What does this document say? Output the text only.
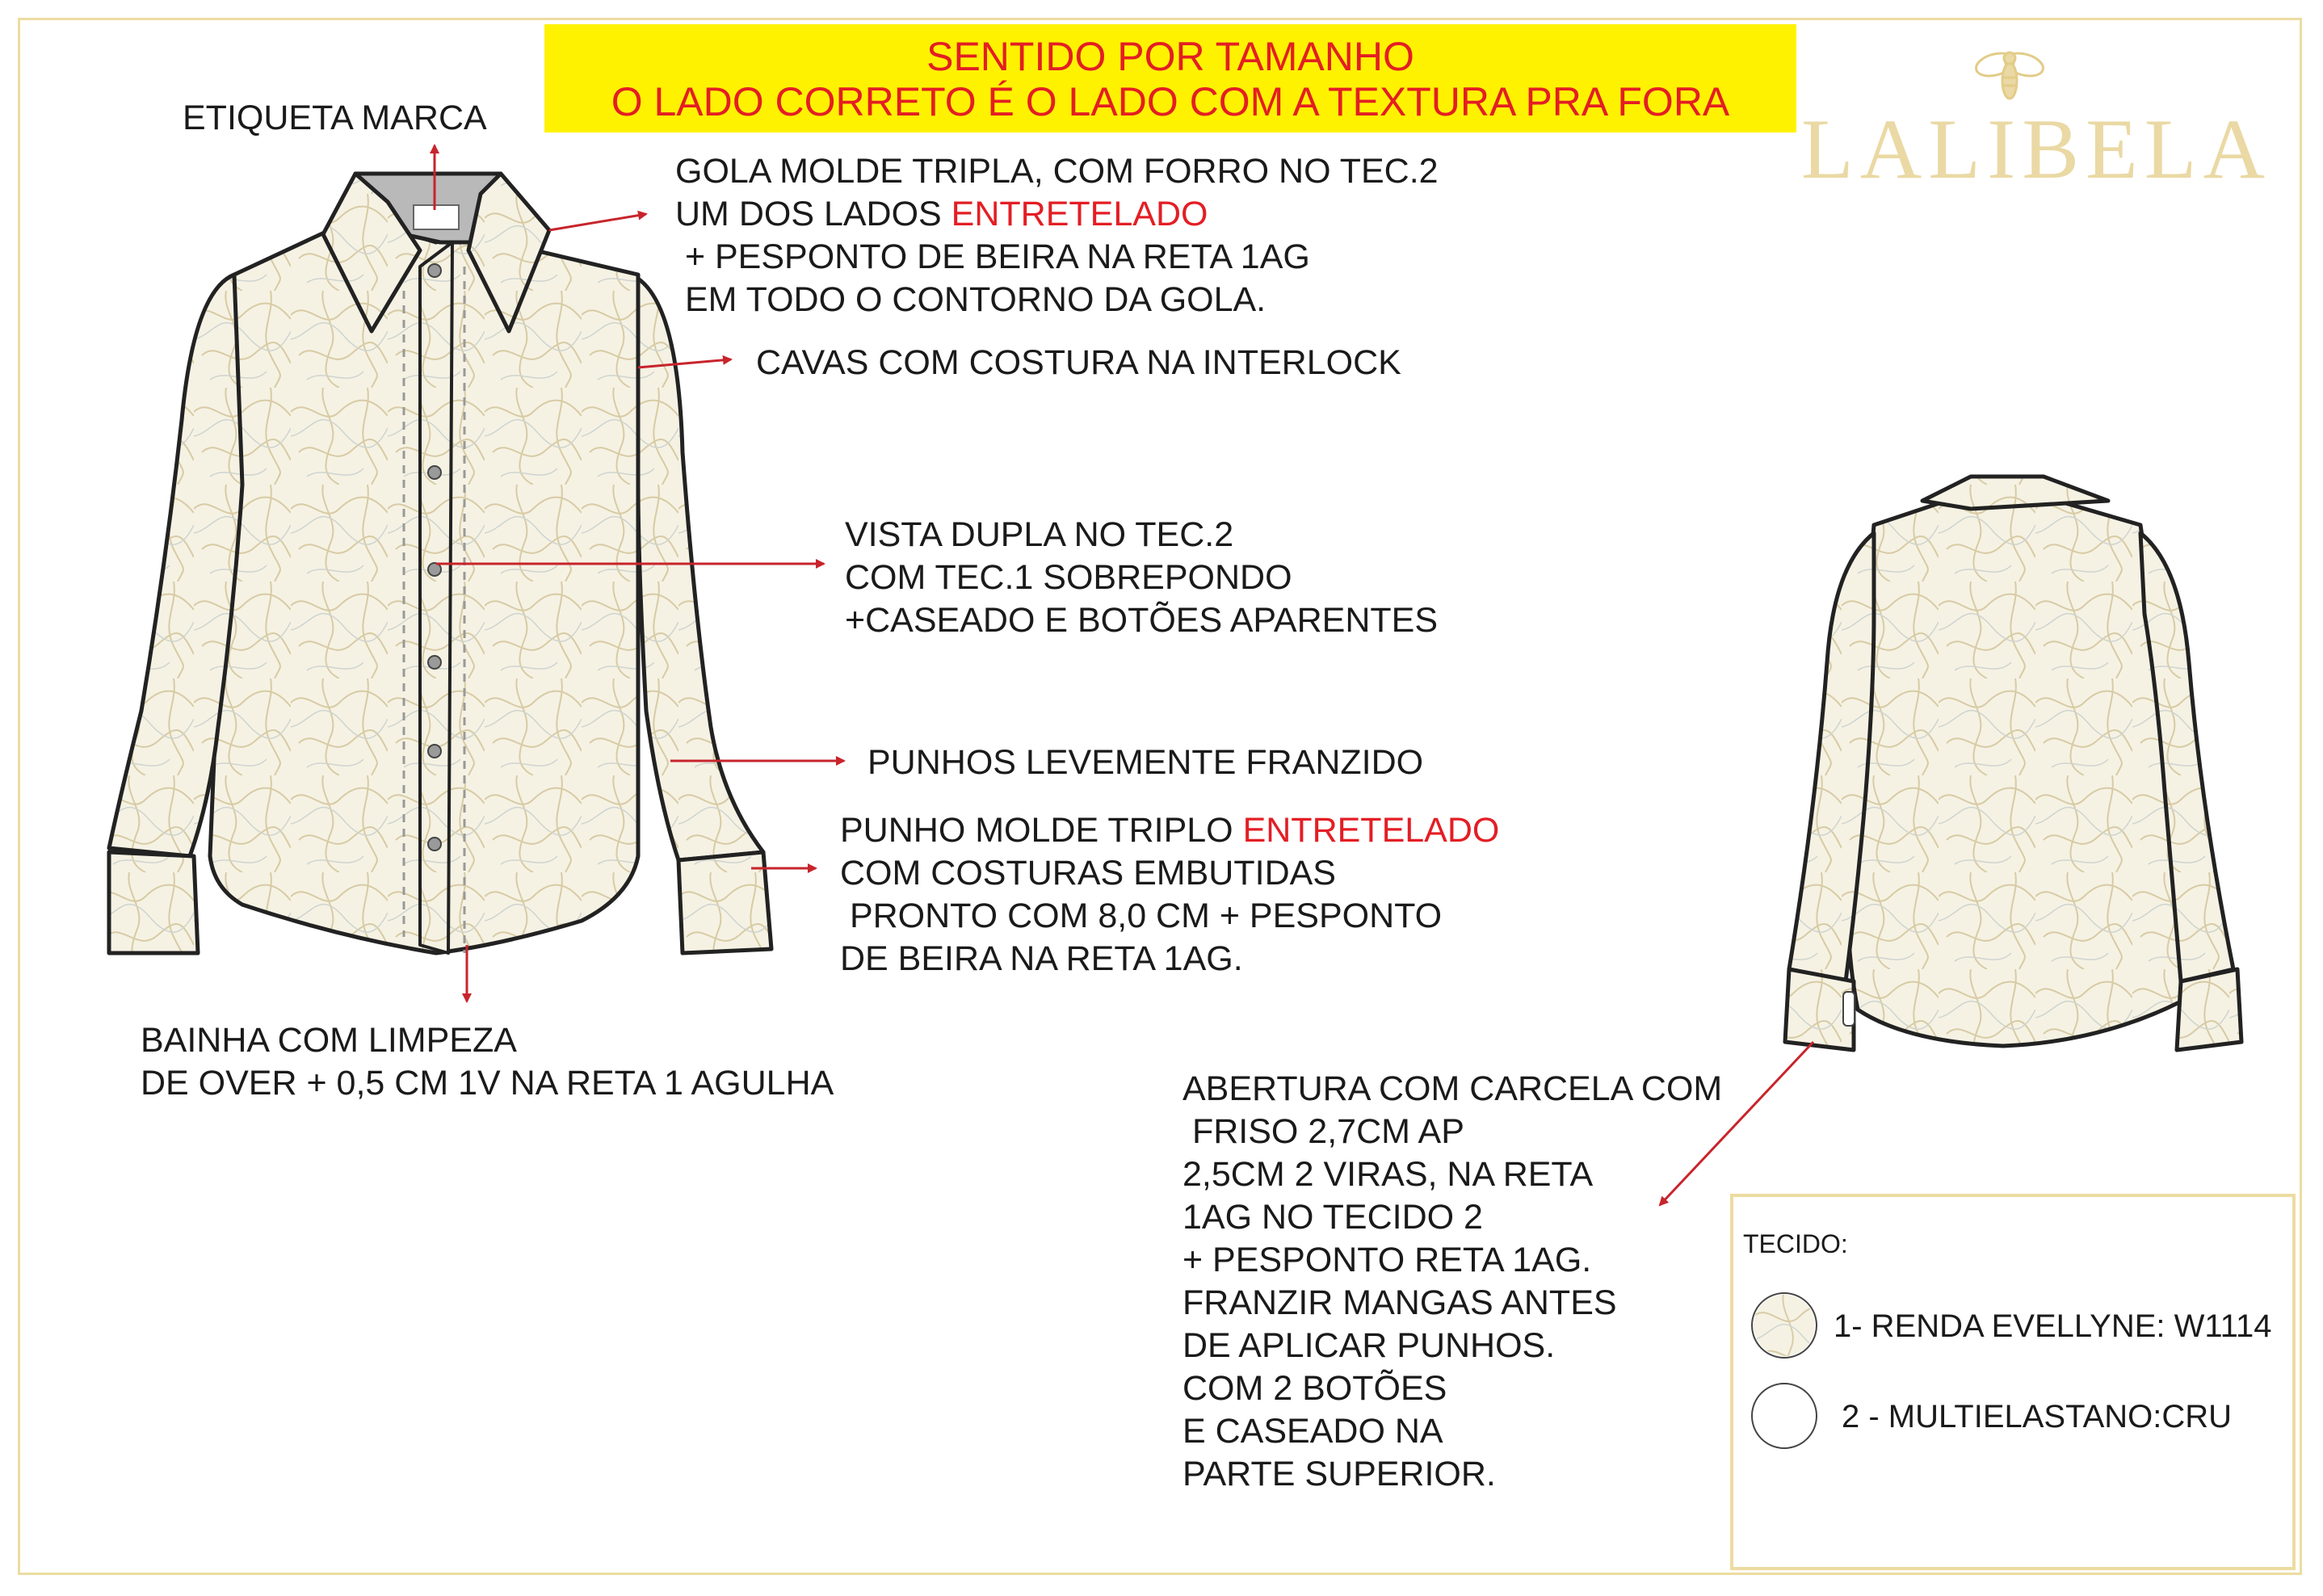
SENTIDO POR TAMANHO
O LADO CORRETO É O LADO COM A TEXTURA PRA FORA LALIBELA
ETIQUETA MARCA
GOLA MOLDE TRIPLA, COM FORRO NO TEC.2
UM DOS LADOS ENTRETELADO
+ PESPONTO DE BEIRA NA RETA 1AG
EM TODO O CONTORNO DA GOLA.
CAVAS COM COSTURA NA INTERLOCK
VISTA DUPLA NO TEC.2
COM TEC.1 SOBREPONDO
+CASEADO E BOTÕES APARENTES
PUNHOS LEVEMENTE FRANZIDO
PUNHO MOLDE TRIPLO ENTRETELADO
COM COSTURAS EMBUTIDAS
PRONTO COM 8,0 CM + PESPONTO
DE BEIRA NA RETA 1AG.
BAINHA COM LIMPEZA
DE OVER + 0,5 CM 1V NA RETA 1 AGULHA	ABERTURA COM CARCELA COM
FRISO 2,7CM AP
2,5CM 2 VIRAS, NA RETA
1AG NO TECIDO 2
+ PESPONTO RETA 1AG.
FRANZIR MANGAS ANTES
DE APLICAR PUNHOS.
COM 2 BOTÕES
E CASEADO NA
PARTE SUPERIOR.
TECIDO:
1- RENDA EVELLYNE: W1114
2 - MULTIELASTANO:CRU
